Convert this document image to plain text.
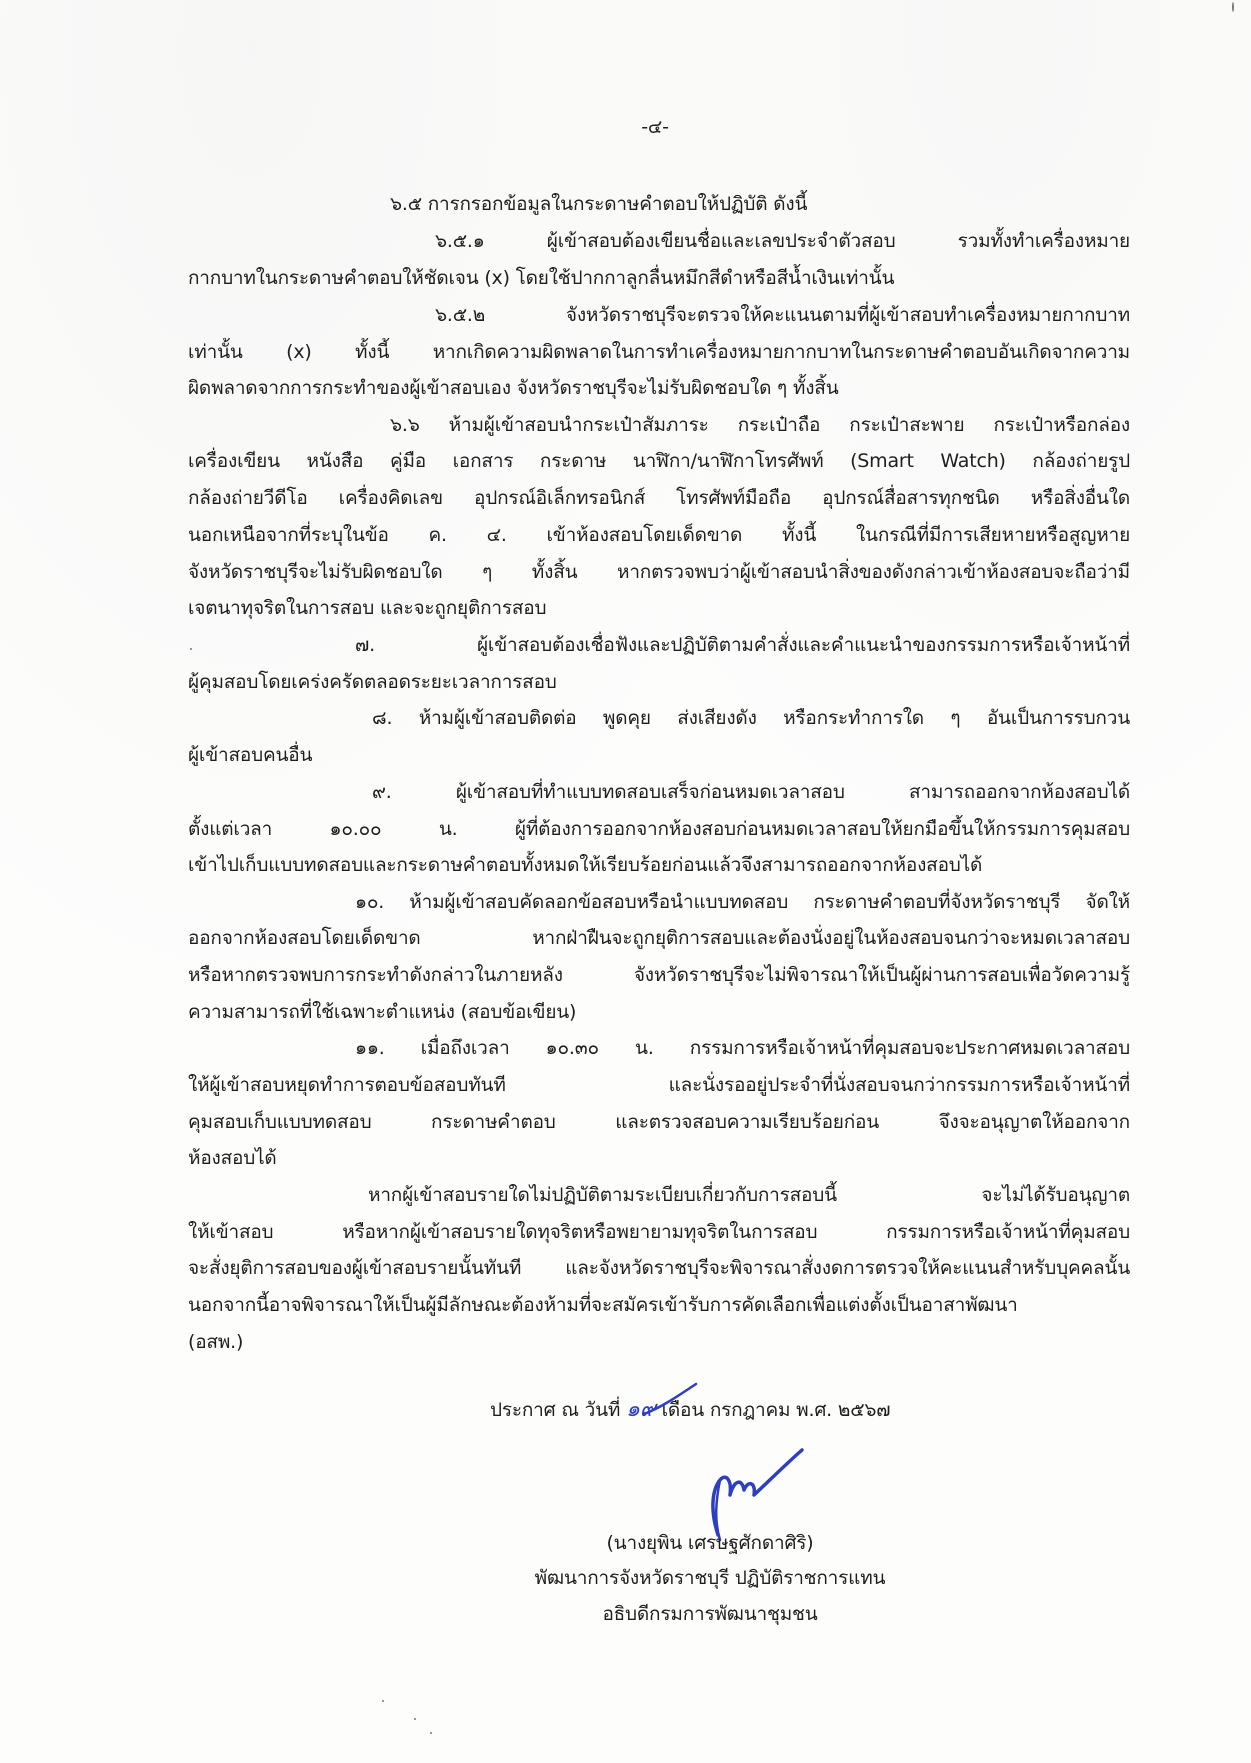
-๔-
๖.๕ การกรอกข้อมูลในกระดาษคำตอบให้ปฏิบัติ ดังนี้
๖.๕.๑ ผู้เข้าสอบต้องเขียนชื่อและเลขประจำตัวสอบ รวมทั้งทำเครื่องหมาย
กากบาทในกระดาษคำตอบให้ชัดเจน (x) โดยใช้ปากกาลูกลื่นหมึกสีดำหรือสีน้ำเงินเท่านั้น
๖.๕.๒ จังหวัดราชบุรีจะตรวจให้คะแนนตามที่ผู้เข้าสอบทำเครื่องหมายกากบาท
เท่านั้น (x) ทั้งนี้ หากเกิดความผิดพลาดในการทำเครื่องหมายกากบาทในกระดาษคำตอบอันเกิดจากความ
ผิดพลาดจากการกระทำของผู้เข้าสอบเอง จังหวัดราชบุรีจะไม่รับผิดชอบใด ๆ ทั้งสิ้น
๖.๖ ห้ามผู้เข้าสอบนำกระเป๋าสัมภาระ กระเป๋าถือ กระเป๋าสะพาย กระเป๋าหรือกล่อง
เครื่องเขียน หนังสือ คู่มือ เอกสาร กระดาษ นาฬิกา/นาฬิกาโทรศัพท์ (Smart Watch) กล้องถ่ายรูป
กล้องถ่ายวีดีโอ เครื่องคิดเลข อุปกรณ์อิเล็กทรอนิกส์ โทรศัพท์มือถือ อุปกรณ์สื่อสารทุกชนิด หรือสิ่งอื่นใด
นอกเหนือจากที่ระบุในข้อ ค. ๔. เข้าห้องสอบโดยเด็ดขาด ทั้งนี้ ในกรณีที่มีการเสียหายหรือสูญหาย
จังหวัดราชบุรีจะไม่รับผิดชอบใด ๆ ทั้งสิ้น หากตรวจพบว่าผู้เข้าสอบนำสิ่งของดังกล่าวเข้าห้องสอบจะถือว่ามี
เจตนาทุจริตในการสอบ และจะถูกยุติการสอบ
๗. ผู้เข้าสอบต้องเชื่อฟังและปฏิบัติตามคำสั่งและคำแนะนำของกรรมการหรือเจ้าหน้าที่
ผู้คุมสอบโดยเคร่งครัดตลอดระยะเวลาการสอบ
๘. ห้ามผู้เข้าสอบติดต่อ พูดคุย ส่งเสียงดัง หรือกระทำการใด ๆ อันเป็นการรบกวน
ผู้เข้าสอบคนอื่น
๙. ผู้เข้าสอบที่ทำแบบทดสอบเสร็จก่อนหมดเวลาสอบ สามารถออกจากห้องสอบได้
ตั้งแต่เวลา ๑๐.๐๐ น. ผู้ที่ต้องการออกจากห้องสอบก่อนหมดเวลาสอบให้ยกมือขึ้นให้กรรมการคุมสอบ
เข้าไปเก็บแบบทดสอบและกระดาษคำตอบทั้งหมดให้เรียบร้อยก่อนแล้วจึงสามารถออกจากห้องสอบได้
๑๐. ห้ามผู้เข้าสอบคัดลอกข้อสอบหรือนำแบบทดสอบ กระดาษคำตอบที่จังหวัดราชบุรี จัดให้
ออกจากห้องสอบโดยเด็ดขาด หากฝ่าฝืนจะถูกยุติการสอบและต้องนั่งอยู่ในห้องสอบจนกว่าจะหมดเวลาสอบ
หรือหากตรวจพบการกระทำดังกล่าวในภายหลัง จังหวัดราชบุรีจะไม่พิจารณาให้เป็นผู้ผ่านการสอบเพื่อวัดความรู้
ความสามารถที่ใช้เฉพาะตำแหน่ง (สอบข้อเขียน)
๑๑. เมื่อถึงเวลา ๑๐.๓๐ น. กรรมการหรือเจ้าหน้าที่คุมสอบจะประกาศหมดเวลาสอบ
ให้ผู้เข้าสอบหยุดทำการตอบข้อสอบทันที และนั่งรออยู่ประจำที่นั่งสอบจนกว่ากรรมการหรือเจ้าหน้าที่
คุมสอบเก็บแบบทดสอบ กระดาษคำตอบ และตรวจสอบความเรียบร้อยก่อน จึงจะอนุญาตให้ออกจาก
ห้องสอบได้
หากผู้เข้าสอบรายใดไม่ปฏิบัติตามระเบียบเกี่ยวกับการสอบนี้ จะไม่ได้รับอนุญาต
ให้เข้าสอบ หรือหากผู้เข้าสอบรายใดทุจริตหรือพยายามทุจริตในการสอบ กรรมการหรือเจ้าหน้าที่คุมสอบ
จะสั่งยุติการสอบของผู้เข้าสอบรายนั้นทันที และจังหวัดราชบุรีจะพิจารณาสั่งงดการตรวจให้คะแนนสำหรับบุคคลนั้น
นอกจากนี้อาจพิจารณาให้เป็นผู้มีลักษณะต้องห้ามที่จะสมัครเข้ารับการคัดเลือกเพื่อแต่งตั้งเป็นอาสาพัฒนา
(อสพ.)
ประกาศ ณ วันที่ ๑๙ เดือน กรกฎาคม พ.ศ. ๒๕๖๗
(นางยุพิน เศรษฐศักดาศิริ)
พัฒนาการจังหวัดราชบุรี ปฏิบัติราชการแทน
อธิบดีกรมการพัฒนาชุมชน
